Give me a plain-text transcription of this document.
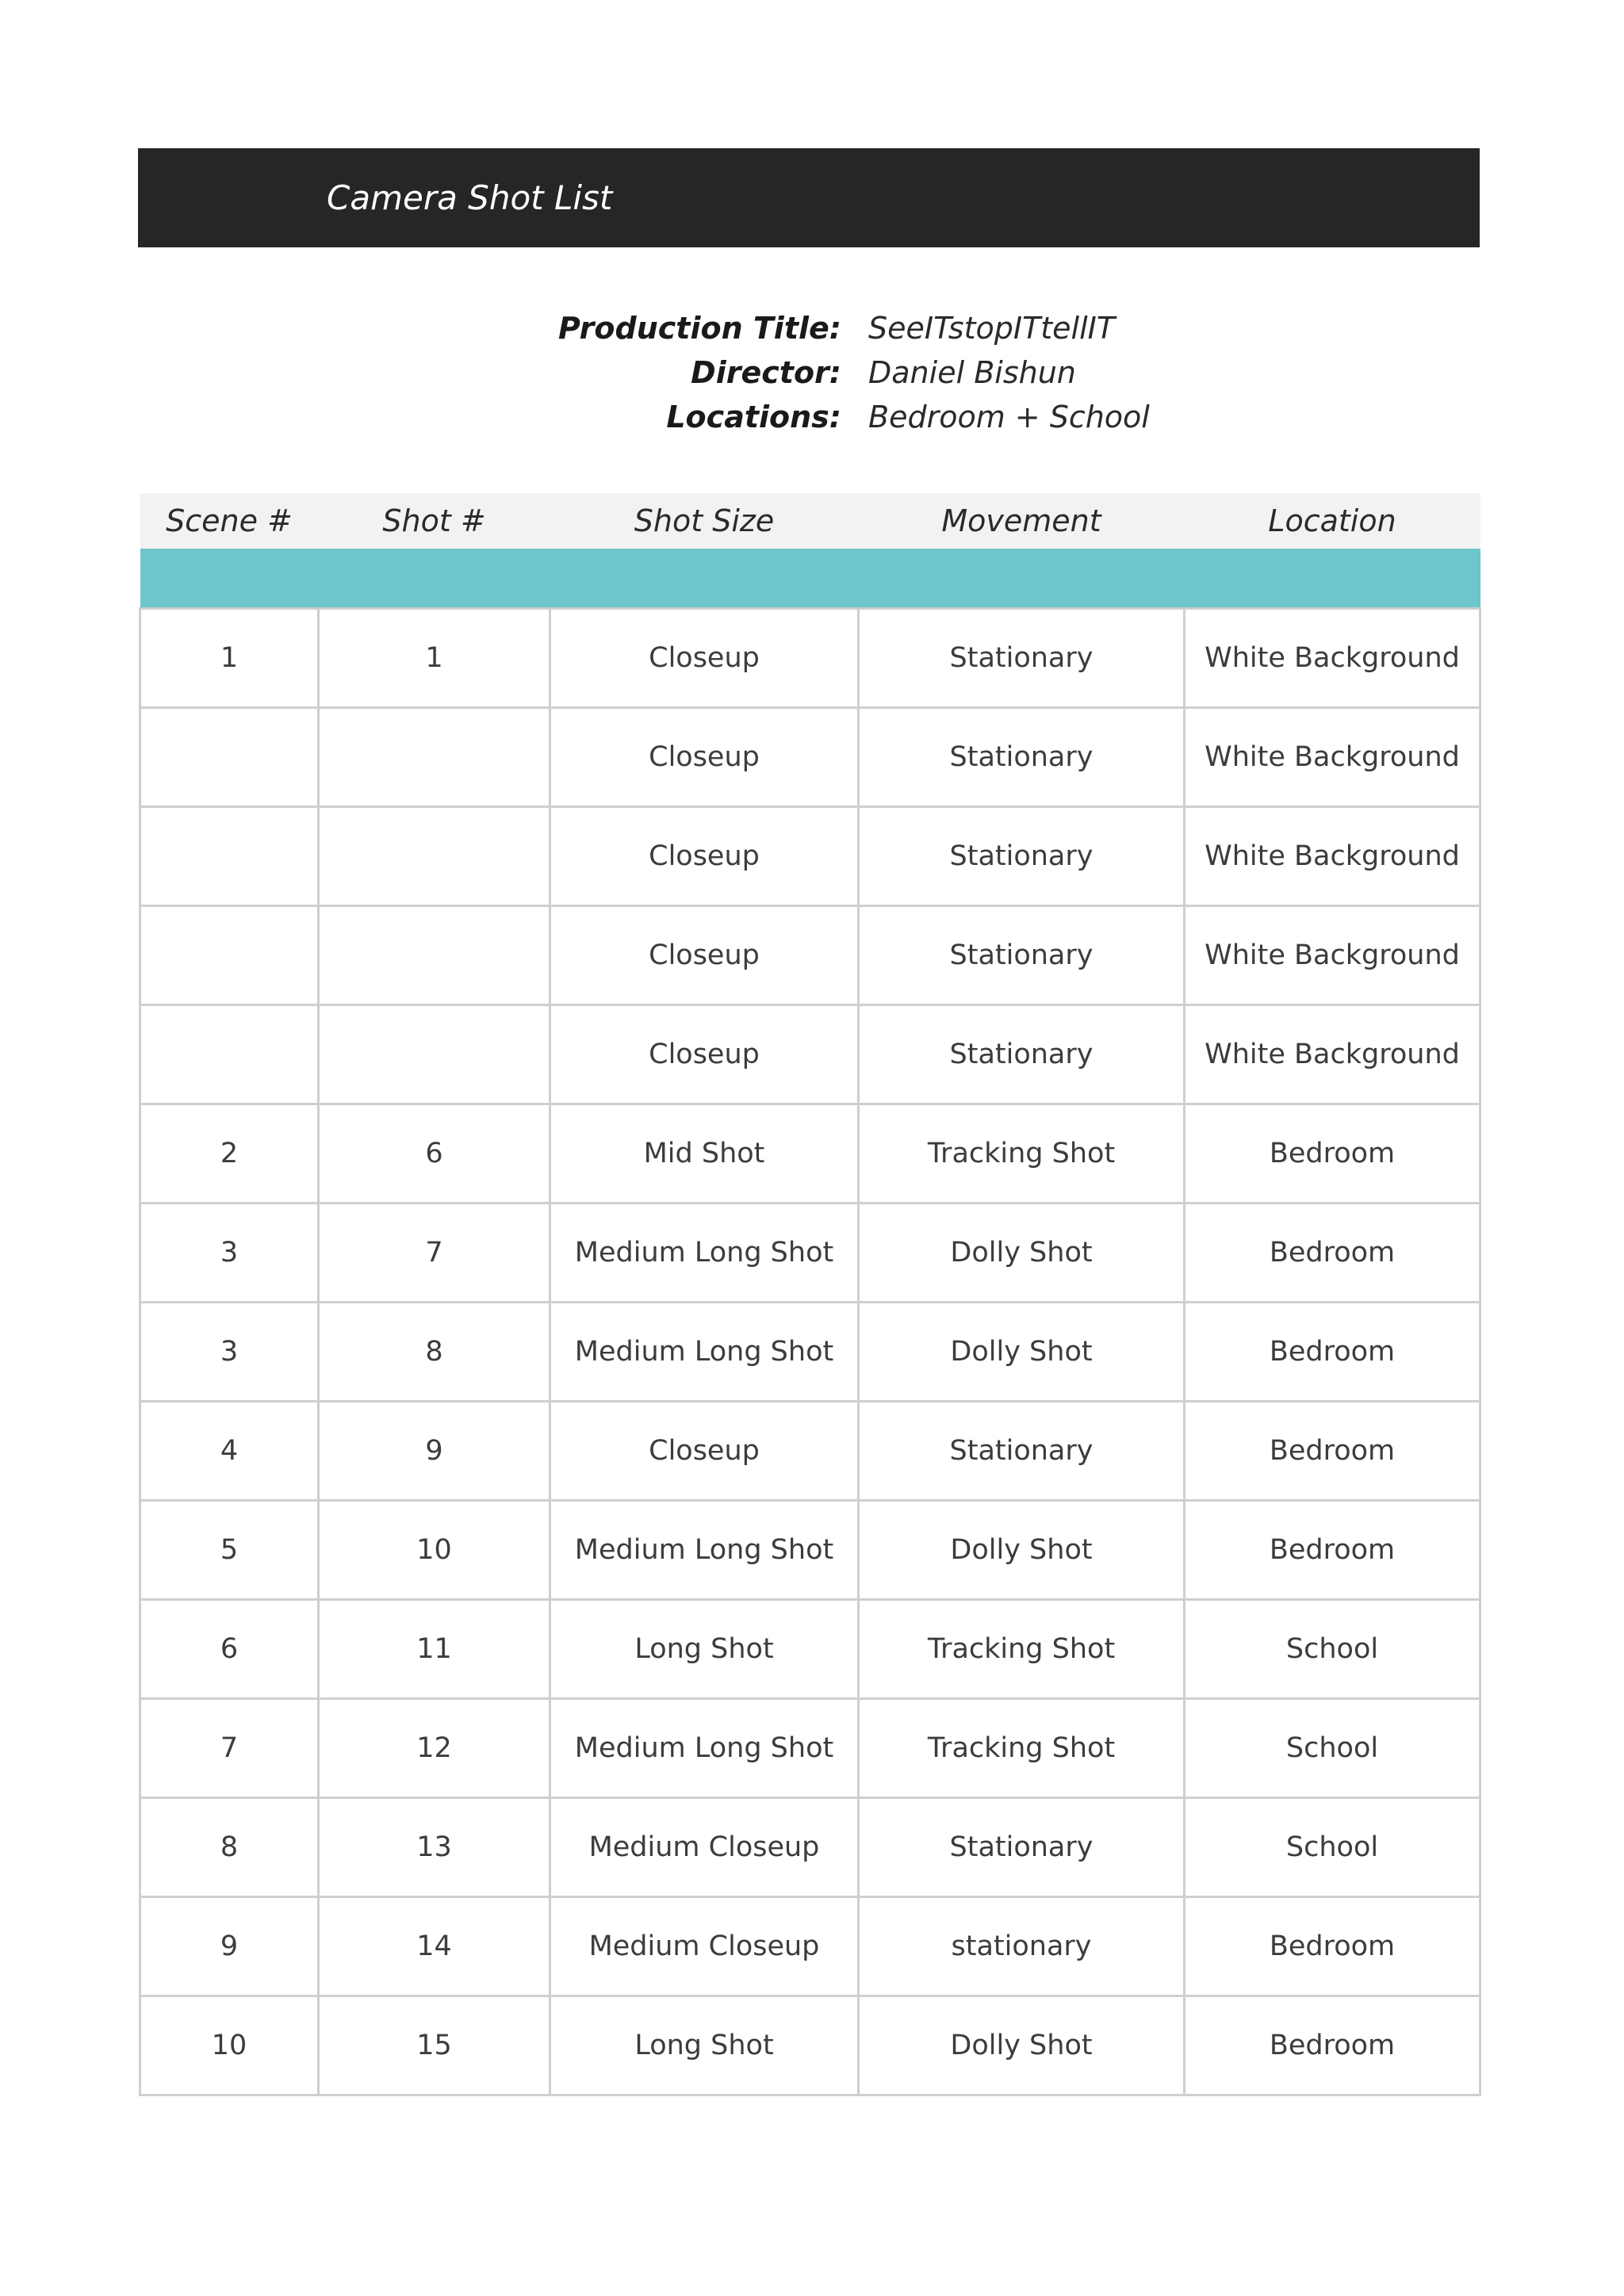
Camera Shot List
Production Title: SeeITstopITtellIT
Director: Daniel Bishun
Locations: Bedroom + School
Scene #	Shot #	Shot Size	Movement	Location

1	1	Closeup	Stationary	White Background
		Closeup	Stationary	White Background
		Closeup	Stationary	White Background
		Closeup	Stationary	White Background
		Closeup	Stationary	White Background
2	6	Mid Shot	Tracking Shot	Bedroom
3	7	Medium Long Shot	Dolly Shot	Bedroom
3	8	Medium Long Shot	Dolly Shot	Bedroom
4	9	Closeup	Stationary	Bedroom
5	10	Medium Long Shot	Dolly Shot	Bedroom
6	11	Long Shot	Tracking Shot	School
7	12	Medium Long Shot	Tracking Shot	School
8	13	Medium Closeup	Stationary	School
9	14	Medium Closeup	stationary	Bedroom
10	15	Long Shot	Dolly Shot	Bedroom
